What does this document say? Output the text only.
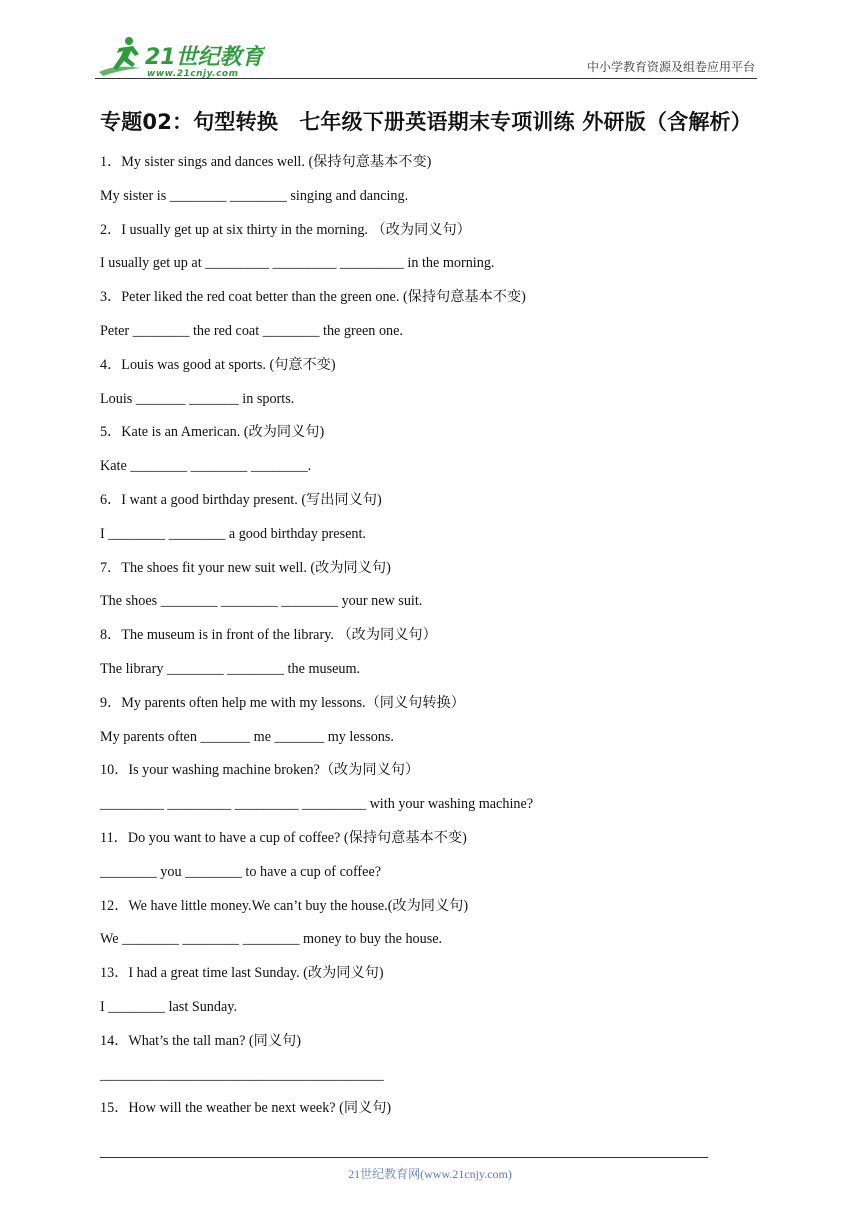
21世纪教育
www.21cnjy.com	中小学教育资源及组卷应用平台
专题02：句型转换　七年级下册英语期末专项训练 外研版（含解析）
1．My sister sings and dances well. (保持句意基本不变)
My sister is ________ ________ singing and dancing.
2．I usually get up at six thirty in the morning. （改为同义句）
I usually get up at _________ _________ _________ in the morning.
3．Peter liked the red coat better than the green one. (保持句意基本不变)
Peter ________ the red coat ________ the green one.
4．Louis was good at sports. (句意不变)
Louis _______ _______ in sports.
5．Kate is an American. (改为同义句)
Kate ________ ________ ________.
6．I want a good birthday present. (写出同义句)
I ________ ________ a good birthday present.
7．The shoes fit your new suit well. (改为同义句)
The shoes ________ ________ ________ your new suit.
8．The museum is in front of the library. （改为同义句）
The library ________ ________ the museum.
9．My parents often help me with my lessons.（同义句转换）
My parents often _______ me _______ my lessons.
10．Is your washing machine broken?（改为同义句）
_________ _________ _________ _________ with your washing machine?
11．Do you want to have a cup of coffee? (保持句意基本不变)
________ you ________ to have a cup of coffee?
12．We have little money.We can’t buy the house.(改为同义句)
We ________ ________ ________ money to buy the house.
13．I had a great time last Sunday. (改为同义句)
I ________ last Sunday.
14．What’s the tall man? (同义句)
________________________________________
15．How will the weather be next week? (同义句)
21世纪教育网(www.21cnjy.com)
